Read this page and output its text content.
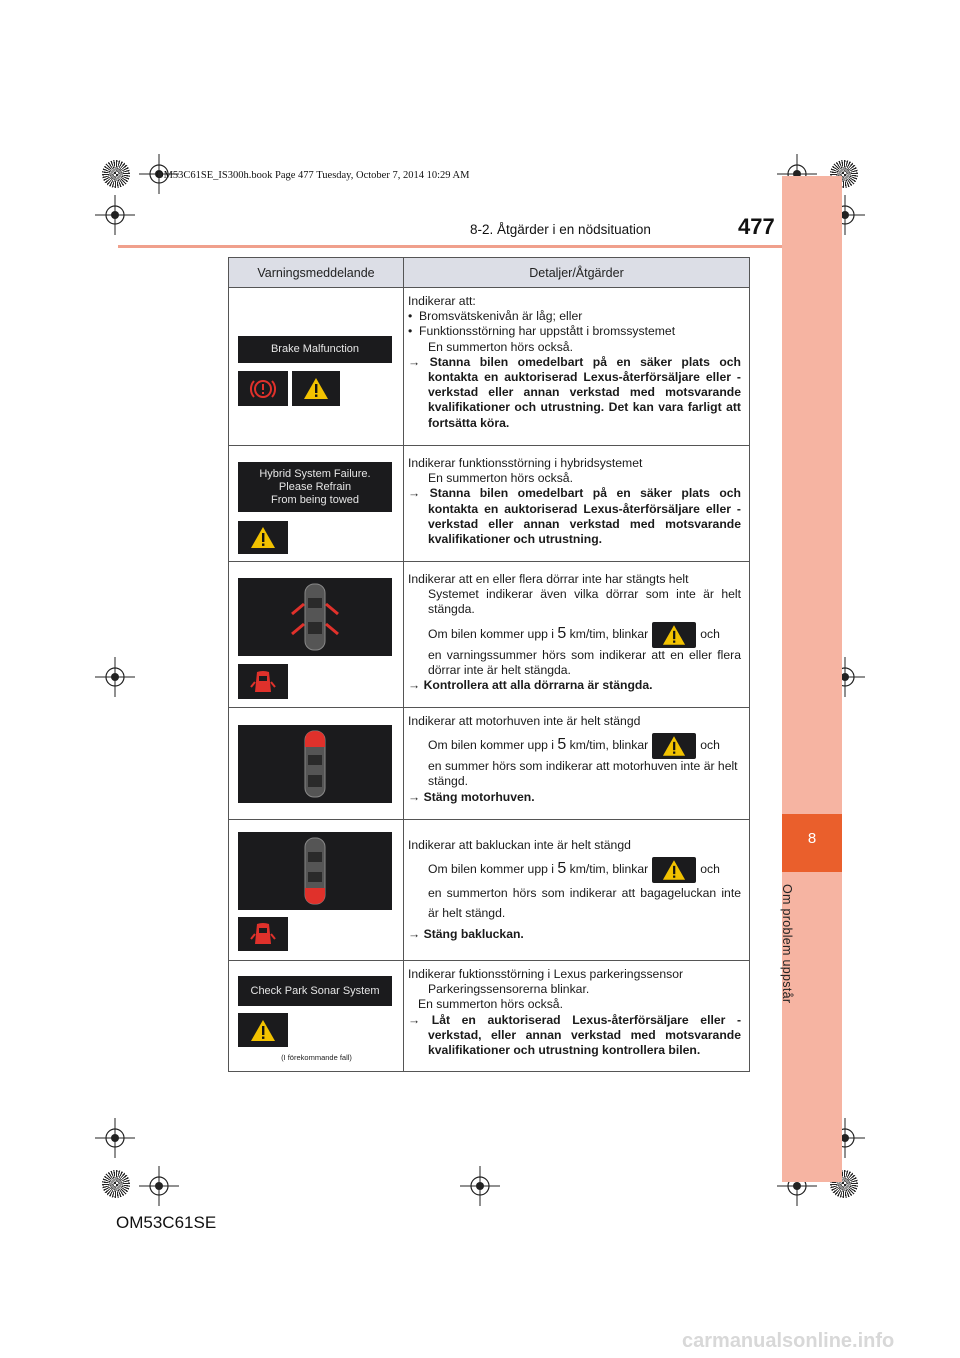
8
Om problem uppstår
OM53C61SE_IS300h.book Page 477 Tuesday, October 7, 2014 10:29 AM
8-2. Åtgärder i en nödsituation	477
Varningsmeddelande	Detaljer/Åtgärder
Brake Malfunction
Indikerar att:
•  Bromsvätskenivån är låg; eller
•  Funktionsstörning har uppstått i bromssystemet
En summerton hörs också.
→ Stanna bilen omedelbart på en säker plats och kontakta en auktoriserad Lexus-återförsäljare eller -verkstad eller annan verkstad med motsvarande kvalifikationer och utrustning. Det kan vara farligt att fortsätta köra.
Hybrid System Failure.
Please Refrain
From being towed
Indikerar funktionsstörning i hybridsystemet
En summerton hörs också.
→ Stanna bilen omedelbart på en säker plats och kontakta en auktoriserad Lexus-återförsäljare eller -verkstad eller annan verkstad med motsvarande kvalifikationer och utrustning.
Indikerar att en eller flera dörrar inte har stängts helt
Systemet indikerar även vilka dörrar som inte är helt stängda.
Om bilen kommer upp i 5 km/tim, blinkar	och
en varningssummer hörs som indikerar att en eller flera dörrar inte är helt stängda.
→ Kontrollera att alla dörrarna är stängda.
Indikerar att motorhuven inte är helt stängd
Om bilen kommer upp i 5 km/tim, blinkar	och
en summer hörs som indikerar att motorhuven inte är helt stängd.
→ Stäng motorhuven.
Indikerar att bakluckan inte är helt stängd
Om bilen kommer upp i 5 km/tim, blinkar	och
en summerton hörs som indikerar att bagageluckan inte är helt stängd.
→ Stäng bakluckan.
Check Park Sonar System
(I förekommande fall)
Indikerar fuktionsstörning i Lexus parkeringssensor
Parkeringssensorerna blinkar.
En summerton hörs också.
→ Låt en auktoriserad Lexus-återförsäljare eller -verkstad, eller annan verkstad med motsvarande kvalifikationer och utrustning kontrollera bilen.
OM53C61SE
carmanualsonline.info
